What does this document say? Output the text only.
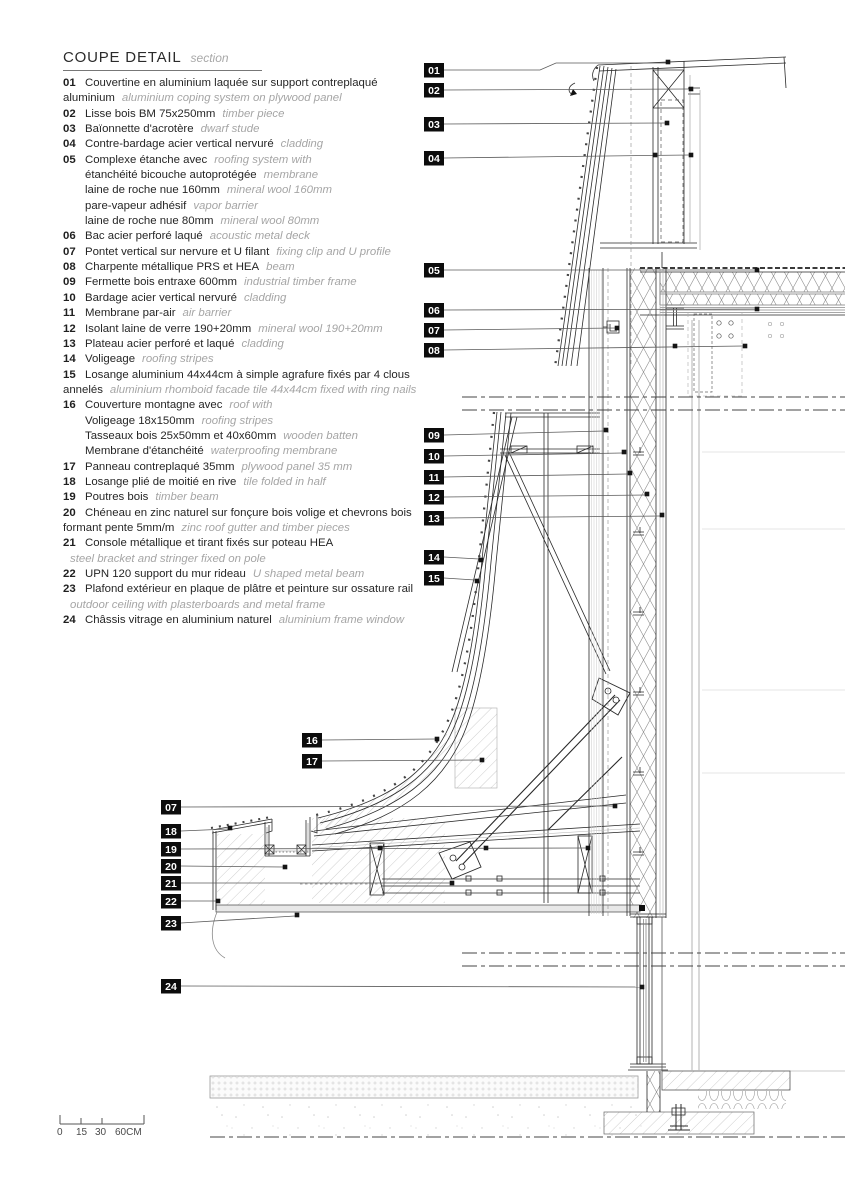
COUPE DETAIL section
01 Couvertine en aluminium laquée sur support contreplaqué
aluminium aluminium coping system on plywood panel
02 Lisse bois BM 75x250mm timber piece
03 Baïonnette d'acrotère dwarf stude
04 Contre-bardage acier vertical nervuré cladding
05 Complexe étanche avec roofing system with
étanchéité bicouche autoprotégée membrane
laine de roche nue 160mm mineral wool 160mm
pare-vapeur adhésif vapor barrier
laine de roche nue 80mm mineral wool 80mm
06 Bac acier perforé laqué acoustic metal deck
07 Pontet vertical sur nervure et U filant fixing clip and U profile
08 Charpente métallique PRS et HEA beam
09 Fermette bois entraxe 600mm industrial timber frame
10 Bardage acier vertical nervuré cladding
11 Membrane par-air air barrier
12 Isolant laine de verre 190+20mm mineral wool 190+20mm
13 Plateau acier perforé et laqué cladding
14 Voligeage roofing stripes
15 Losange aluminium 44x44cm à simple agrafure fixés par 4 clous
annelés aluminium rhomboid facade tile 44x44cm fixed with ring nails
16 Couverture montagne avec roof with
Voligeage 18x150mm roofing stripes
Tasseaux bois 25x50mm et 40x60mm wooden batten
Membrane d'étanchéité waterproofing membrane
17 Panneau contreplaqué 35mm plywood panel 35 mm
18 Losange plié de moitié en rive tile folded in half
19 Poutres bois timber beam
20 Chéneau en zinc naturel sur fonçure bois volige et chevrons bois
formant pente 5mm/m zinc roof gutter and timber pieces
21 Console métallique et tirant fixés sur poteau HEA
steel bracket and stringer fixed on pole
22 UPN 120 support du mur rideau U shaped metal beam
23 Plafond extérieur en plaque de plâtre et peinture sur ossature rail
outdoor ceiling with plasterboards and metal frame
24 Châssis vitrage en aluminium naturel aluminium frame window
01
02
03
04
05
06
07
08
09
10
11
12
13
14
15
16
17
07
18
19
20
21
22
23
24
0 15 30 60CM
